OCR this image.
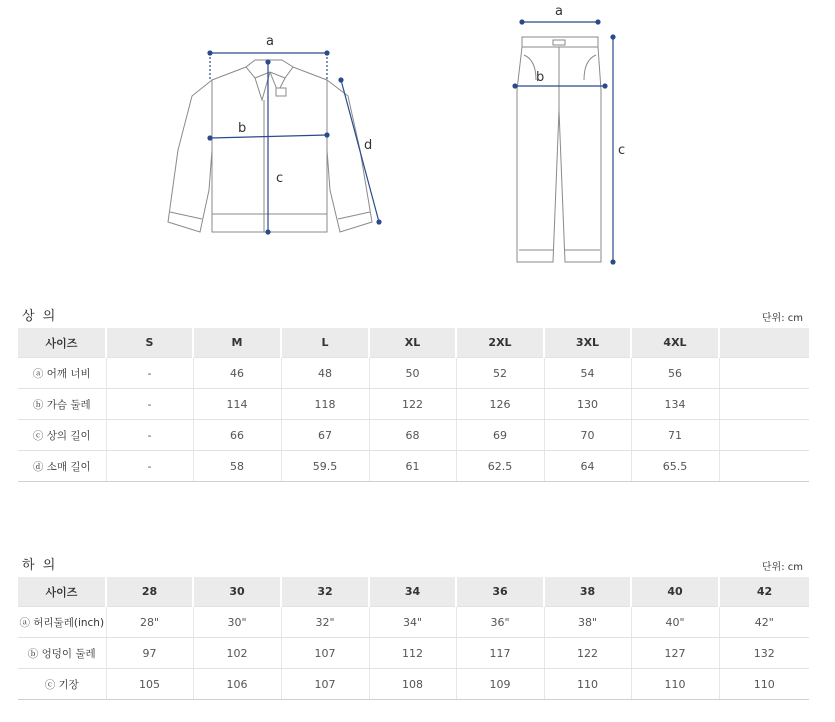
a
b
c
d
a
b
c
상 의	단위: cm
사이즈	S	M	L	XL	2XL	3XL	4XL	
ⓐ 어깨 너비	-	46	48	50	52	54	56	
ⓑ 가슴 둘레	-	114	118	122	126	130	134	
ⓒ 상의 길이	-	66	67	68	69	70	71	
ⓓ 소매 길이	-	58	59.5	61	62.5	64	65.5	
하 의	단위: cm
사이즈	28	30	32	34	36	38	40	42
ⓐ 허리둘레(inch)	28"	30"	32"	34"	36"	38"	40"	42"
ⓑ 엉덩이 둘레	97	102	107	112	117	122	127	132
ⓒ 기장	105	106	107	108	109	110	110	110
